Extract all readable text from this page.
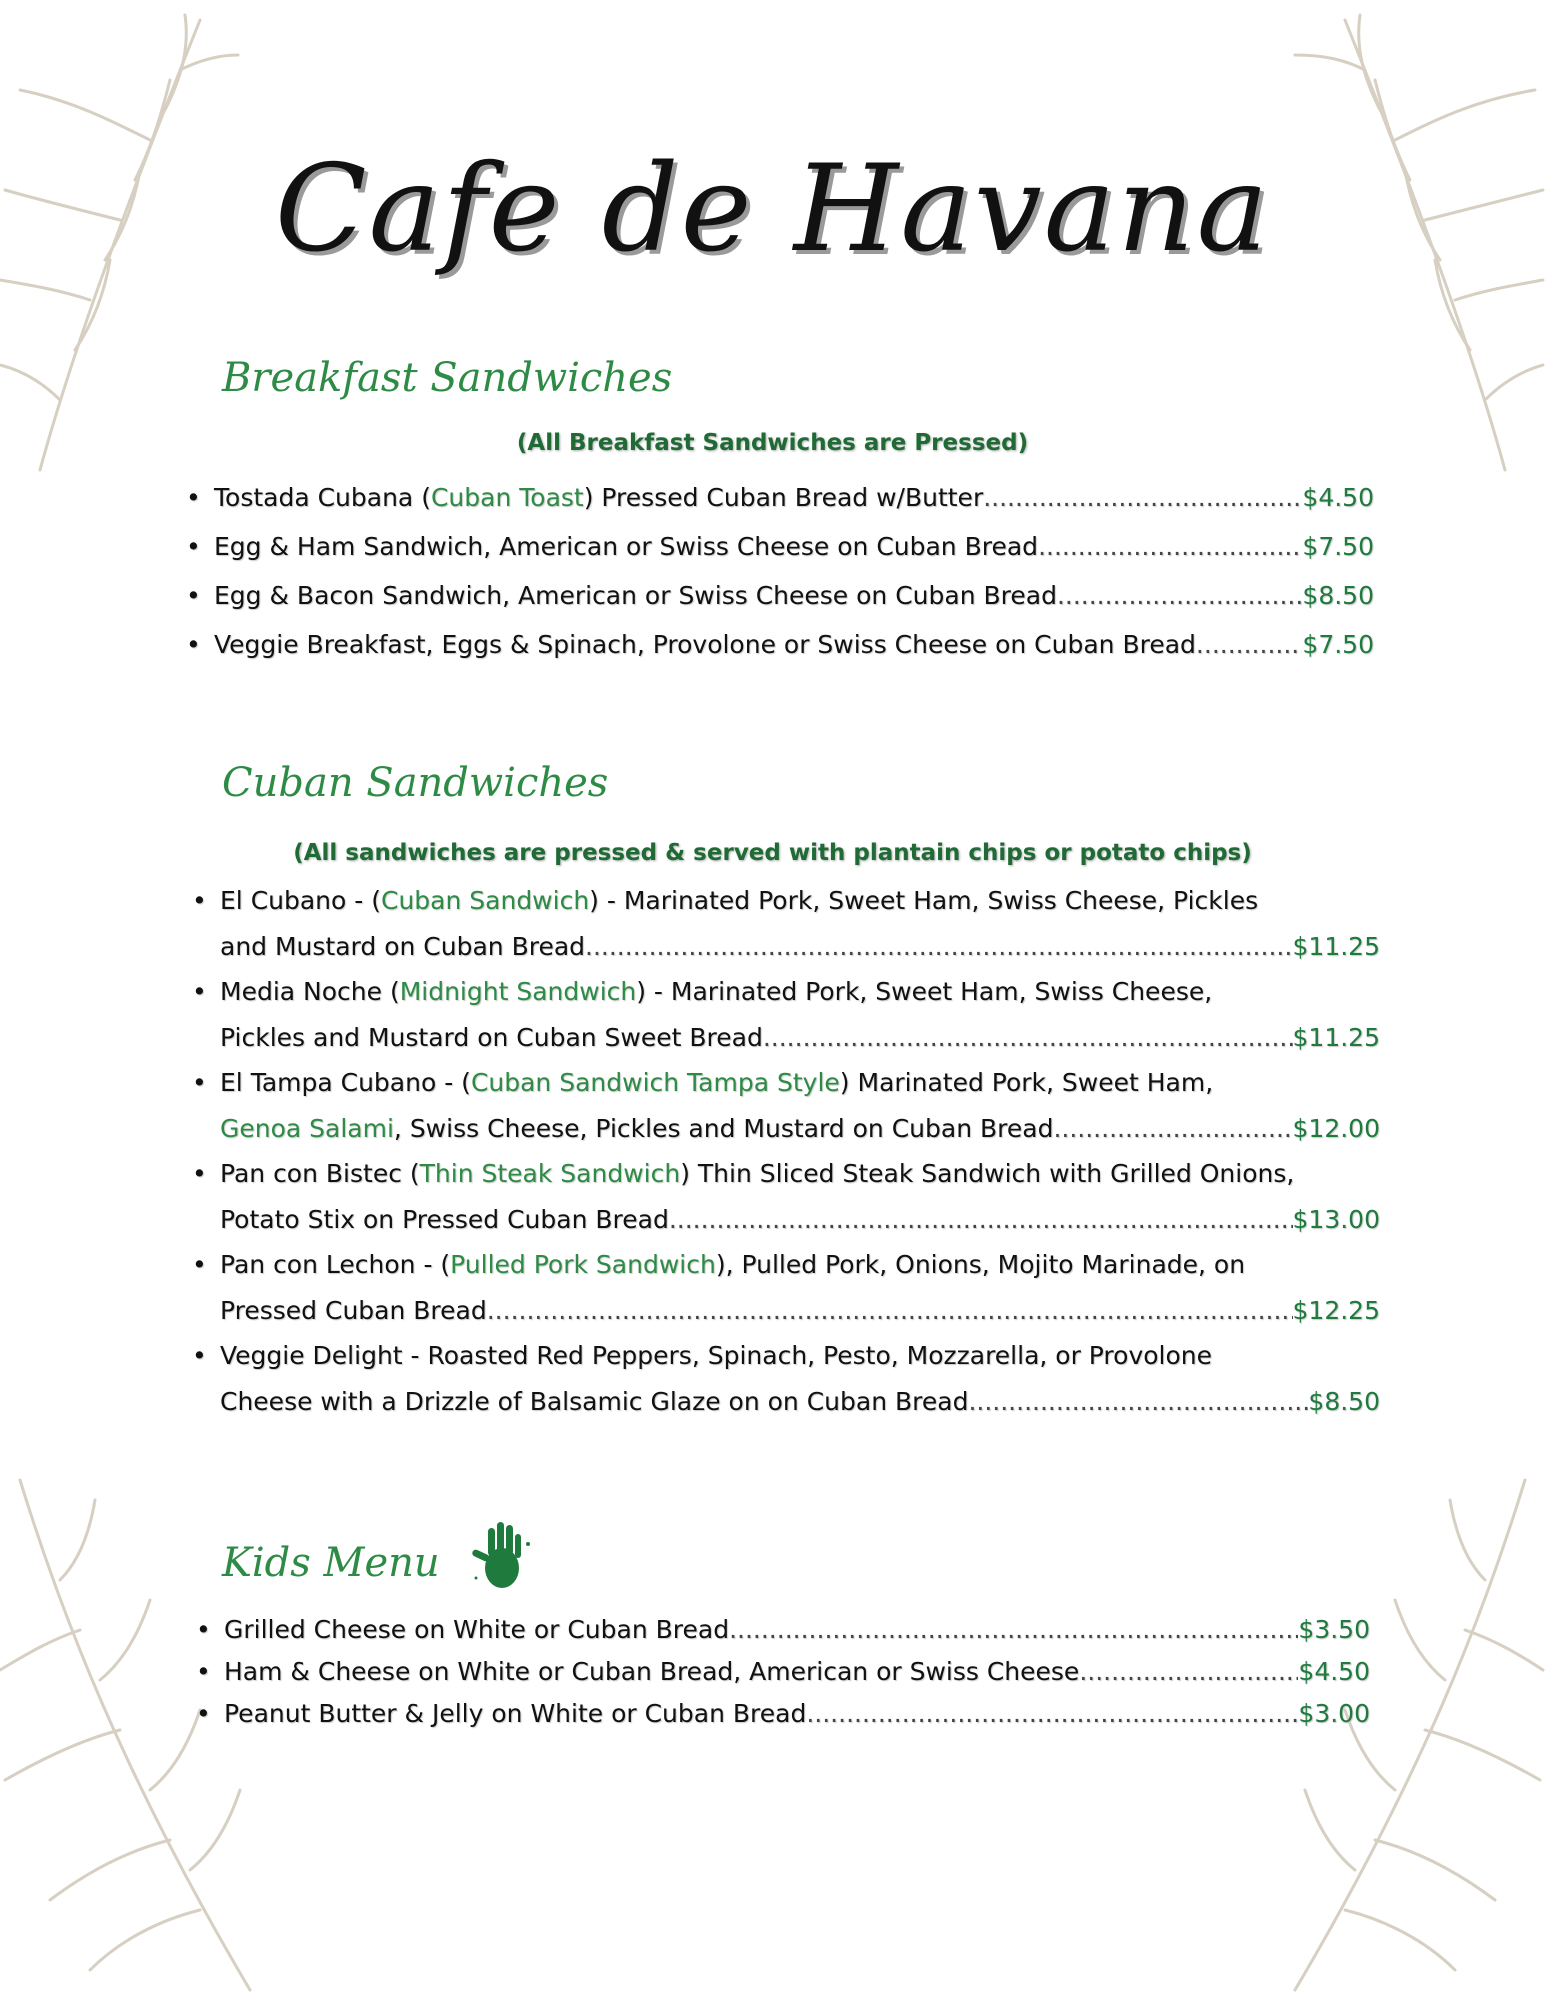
Cafe de Havana
Breakfast Sandwiches
(All Breakfast Sandwiches are Pressed)
• Tostada Cubana (Cuban Toast) Pressed Cuban Bread w/Butter .....	$4.50
• Egg & Ham Sandwich, American or Swiss Cheese on Cuban Bread .....	$7.50
• Egg & Bacon Sandwich, American or Swiss Cheese on Cuban Bread .....	$8.50
• Veggie Breakfast, Eggs & Spinach, Provolone or Swiss Cheese on Cuban Bread .....	$7.50
Cuban Sandwiches
(All sandwiches are pressed & served with plantain chips or potato chips)
• El Cubano - (Cuban Sandwich) - Marinated Pork, Sweet Ham, Swiss Cheese, Pickles
and Mustard on Cuban Bread .....	$11.25
• Media Noche (Midnight Sandwich) - Marinated Pork, Sweet Ham, Swiss Cheese,
Pickles and Mustard on Cuban Sweet Bread .....	$11.25
• El Tampa Cubano - (Cuban Sandwich Tampa Style) Marinated Pork, Sweet Ham,
Genoa Salami, Swiss Cheese, Pickles and Mustard on Cuban Bread .....	$12.00
• Pan con Bistec (Thin Steak Sandwich) Thin Sliced Steak Sandwich with Grilled Onions,
Potato Stix on Pressed Cuban Bread .....	$13.00
• Pan con Lechon - (Pulled Pork Sandwich), Pulled Pork, Onions, Mojito Marinade, on
Pressed Cuban Bread .....	$12.25
• Veggie Delight - Roasted Red Peppers, Spinach, Pesto, Mozzarella, or Provolone
Cheese with a Drizzle of Balsamic Glaze on on Cuban Bread .....	$8.50
Kids Menu
• Grilled Cheese on White or Cuban Bread .....	$3.50
• Ham & Cheese on White or Cuban Bread, American or Swiss Cheese .....	$4.50
• Peanut Butter & Jelly on White or Cuban Bread .....	$3.00
